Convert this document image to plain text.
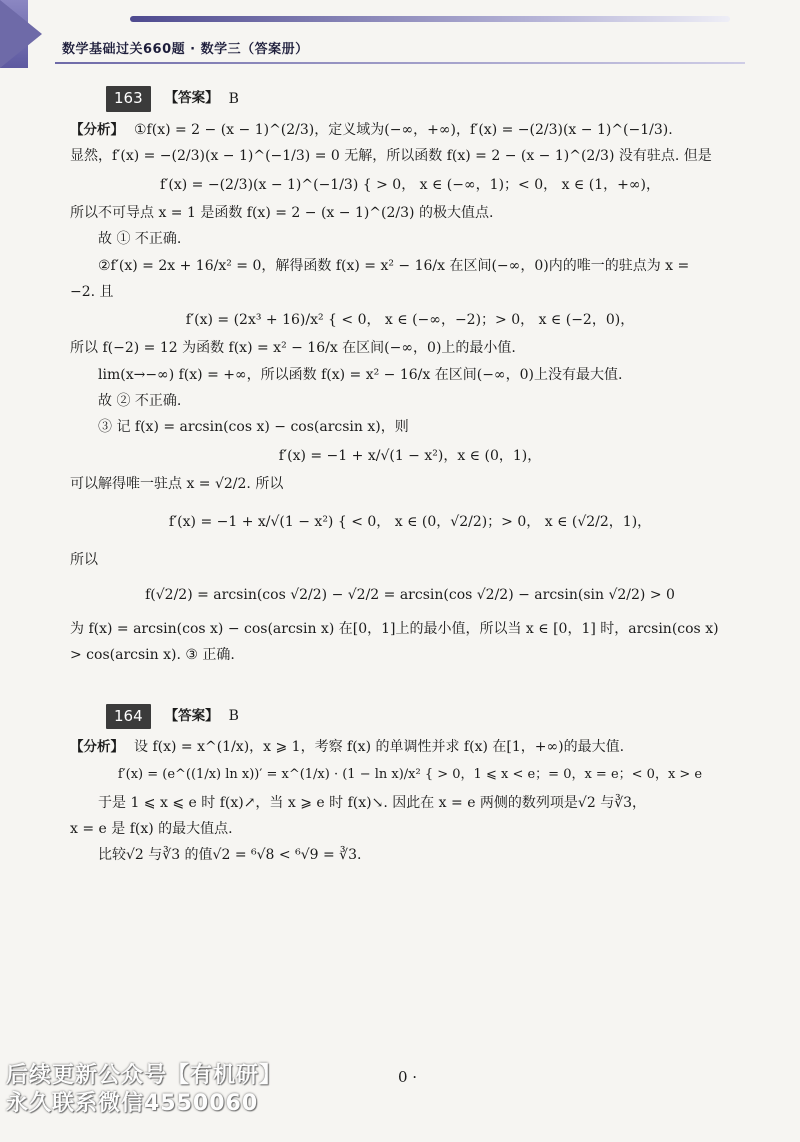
数学基础过关660题 · 数学三（答案册）
163	【答案】 B

【分析】 ①f(x) = 2 − (x − 1)^(2/3)，定义域为(−∞，+∞)，f′(x) = −(2/3)(x − 1)^(−1/3).

显然，f′(x) = −(2/3)(x − 1)^(−1/3) = 0 无解，所以函数 f(x) = 2 − (x − 1)^(2/3) 没有驻点. 但是

f′(x) = −(2/3)(x − 1)^(−1/3) { > 0， x ∈ (−∞，1)；< 0， x ∈ (1，+∞)，

所以不可导点 x = 1 是函数 f(x) = 2 − (x − 1)^(2/3) 的极大值点.

故 ① 不正确.

②f′(x) = 2x + 16/x² = 0，解得函数 f(x) = x² − 16/x 在区间(−∞，0)内的唯一的驻点为 x =

−2. 且

f′(x) = (2x³ + 16)/x² { < 0， x ∈ (−∞，−2)；> 0， x ∈ (−2，0)，

所以 f(−2) = 12 为函数 f(x) = x² − 16/x 在区间(−∞，0)上的最小值.

lim(x→−∞) f(x) = +∞，所以函数 f(x) = x² − 16/x 在区间(−∞，0)上没有最大值.

故 ② 不正确.

③ 记 f(x) = arcsin(cos x) − cos(arcsin x)，则

f′(x) = −1 + x/√(1 − x²)，x ∈ (0，1)，

可以解得唯一驻点 x = √2/2. 所以

f′(x) = −1 + x/√(1 − x²) { < 0， x ∈ (0，√2/2)；> 0， x ∈ (√2/2，1)，

所以

f(√2/2) = arcsin(cos √2/2) − √2/2 = arcsin(cos √2/2) − arcsin(sin √2/2) > 0

为 f(x) = arcsin(cos x) − cos(arcsin x) 在[0，1]上的最小值，所以当 x ∈ [0，1] 时，arcsin(cos x)

> cos(arcsin x). ③ 正确.

164	【答案】 B

【分析】 设 f(x) = x^(1/x)，x ⩾ 1，考察 f(x) 的单调性并求 f(x) 在[1，+∞)的最大值.

f′(x) = (e^((1/x) ln x))′ = x^(1/x) · (1 − ln x)/x² { > 0，1 ⩽ x < e；= 0，x = e；< 0，x > e

于是 1 ⩽ x ⩽ e 时 f(x)↗，当 x ⩾ e 时 f(x)↘. 因此在 x = e 两侧的数列项是√2 与∛3，

x = e 是 f(x) 的最大值点.

比较√2 与∛3 的值√2 = ⁶√8 < ⁶√9 = ∛3.

后续更新公众号【有机研】
永久联系微信4550060
0 ·
